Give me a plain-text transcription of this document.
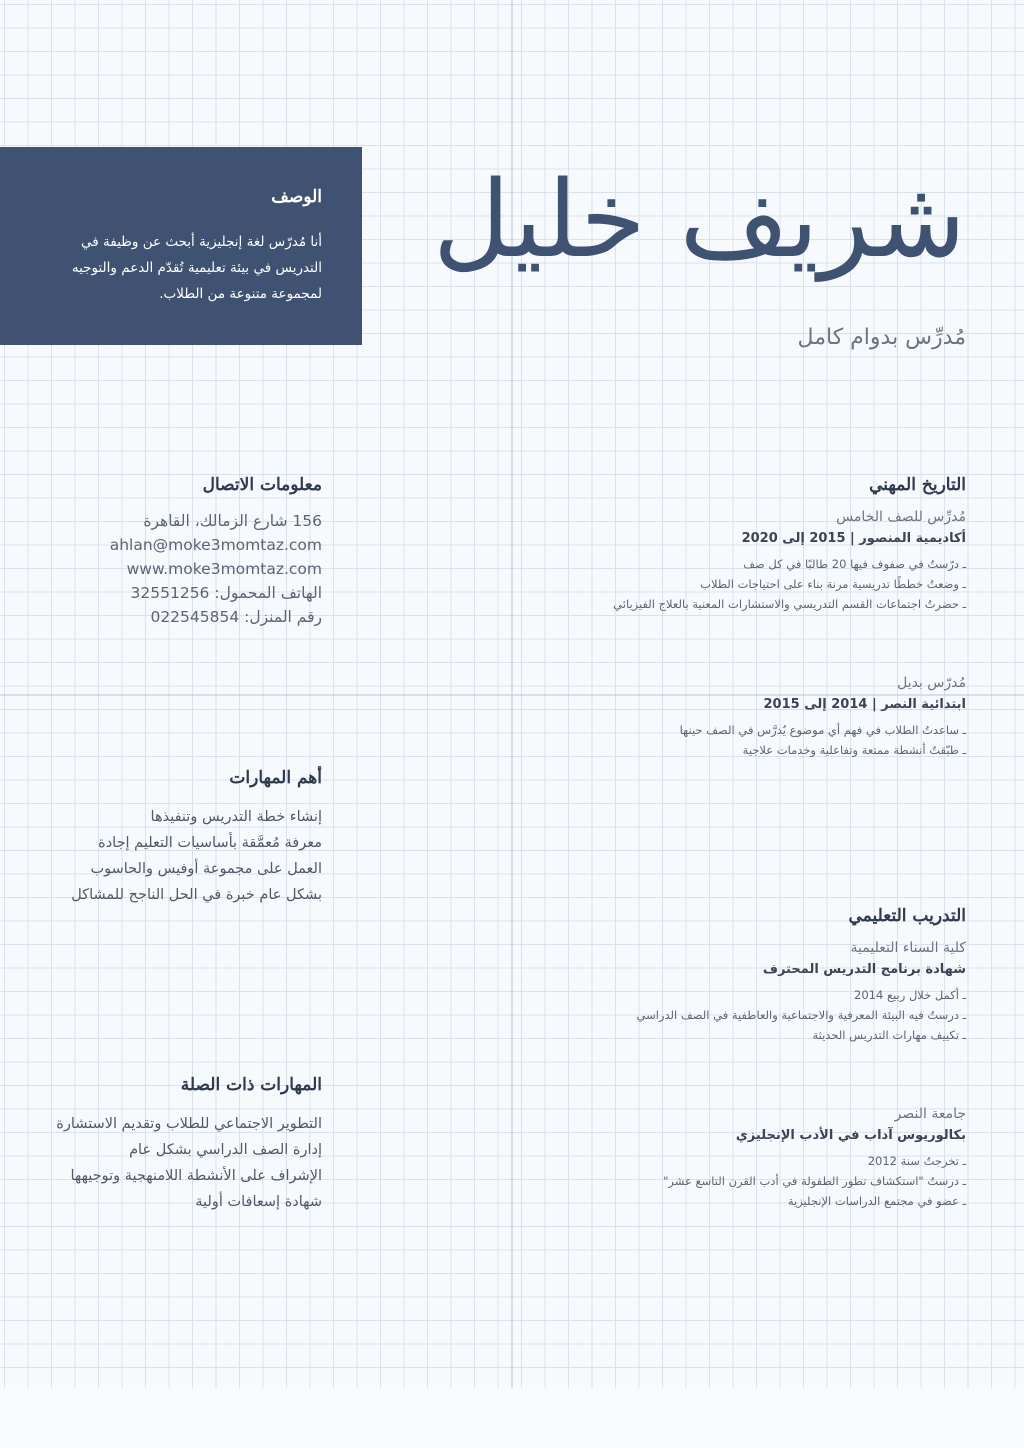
الوصف

أنا مُدرّس لغة إنجليزية أبحث عن وظيفة في التدريس في بيئة تعليمية تُقدّم الدعم والتوجيه لمجموعة متنوعة من الطلاب.

شريف خليل
مُدرِّس بدوام كامل
التاريخ المهني

مُدرِّس للصف الخامس

أكاديمية المنصور | 2015 إلى 2020

ـ درّستُ في صفوف فيها 20 طالبًا في كل صف
ـ وضعتُ خططًا تدريسية مرنة بناء على احتياجات الطلاب
ـ حضرتُ اجتماعات القسم التدريسي والاستشارات المعنية بالعلاج الفيزيائي

مُدرّس بديل

ابتدائية النصر | 2014 إلى 2015

ـ ساعدتُ الطلاب في فهم أي موضوع يُدرَّس في الصف حينها
ـ طبّقتُ أنشطة ممتعة وتفاعلية وخدمات علاجية
التدريب التعليمي

كلية السناء التعليمية

شهادة برنامج التدريس المحترف

ـ أكمل خلال ربيع 2014
ـ درستُ فيه البيئة المعرفية والاجتماعية والعاطفية في الصف الدراسي
ـ تكييف مهارات التدريس الحديثة

جامعة النصر

بكالوريوس آداب في الأدب الإنجليزي

ـ تخرجتُ سنة 2012
ـ درستُ "استكشاف تطور الطفولة في أدب القرن التاسع عشر"
ـ عضو في مجتمع الدراسات الإنجليزية
معلومات الاتصال

156 شارع الزمالك، القاهرة

ahlan@moke3momtaz.com

www.moke3momtaz.com

الهاتف المحمول: 32551256

رقم المنزل: 022545854

أهم المهارات

إنشاء خطة التدريس وتنفيذها

معرفة مُعمَّقة بأساسيات التعليم إجادة

العمل على مجموعة أوفيس والحاسوب

بشكل عام خبرة في الحل الناجح للمشاكل

المهارات ذات الصلة

التطوير الاجتماعي للطلاب وتقديم الاستشارة

إدارة الصف الدراسي بشكل عام

الإشراف على الأنشطة اللامنهجية وتوجيهها

شهادة إسعافات أولية
